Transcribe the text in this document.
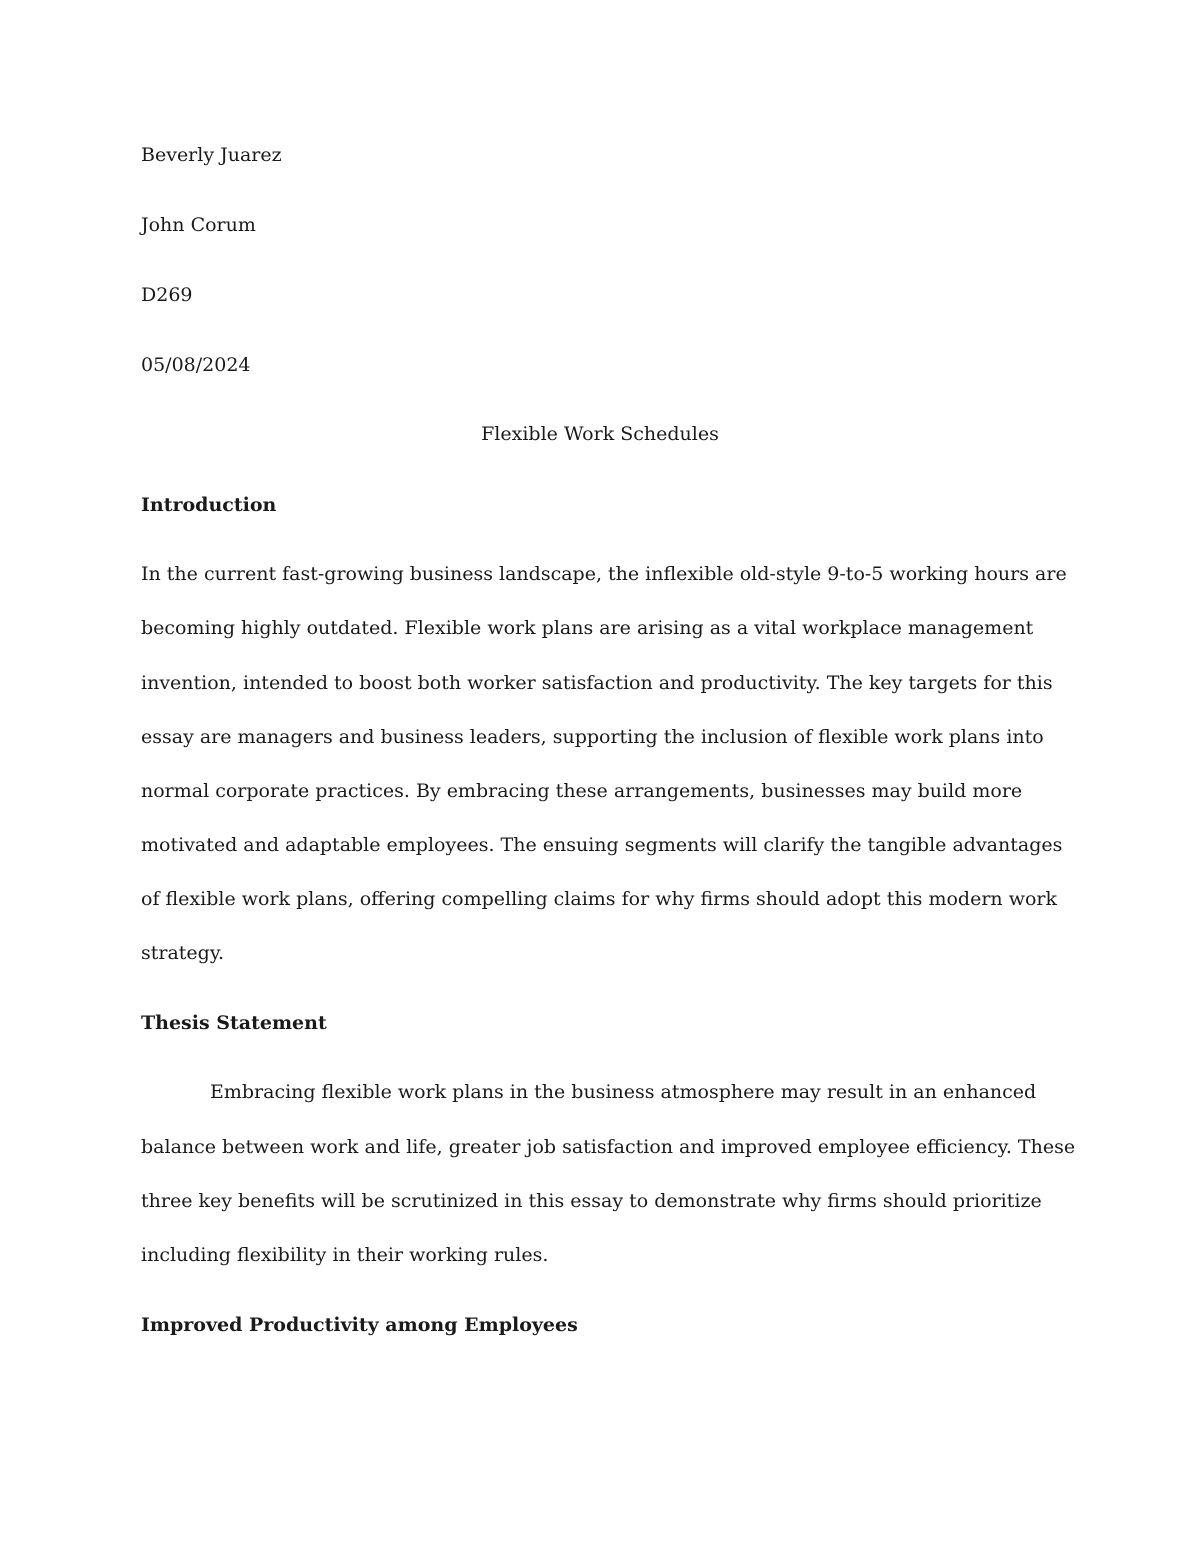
Beverly Juarez
John Corum
D269
05/08/2024
Flexible Work Schedules
Introduction
In the current fast-growing business landscape, the inflexible old-style 9-to-5 working hours are
becoming highly outdated. Flexible work plans are arising as a vital workplace management
invention, intended to boost both worker satisfaction and productivity. The key targets for this
essay are managers and business leaders, supporting the inclusion of flexible work plans into
normal corporate practices. By embracing these arrangements, businesses may build more
motivated and adaptable employees. The ensuing segments will clarify the tangible advantages
of flexible work plans, offering compelling claims for why firms should adopt this modern work
strategy.
Thesis Statement
Embracing flexible work plans in the business atmosphere may result in an enhanced
balance between work and life, greater job satisfaction and improved employee efficiency. These
three key benefits will be scrutinized in this essay to demonstrate why firms should prioritize
including flexibility in their working rules.
Improved Productivity among Employees
